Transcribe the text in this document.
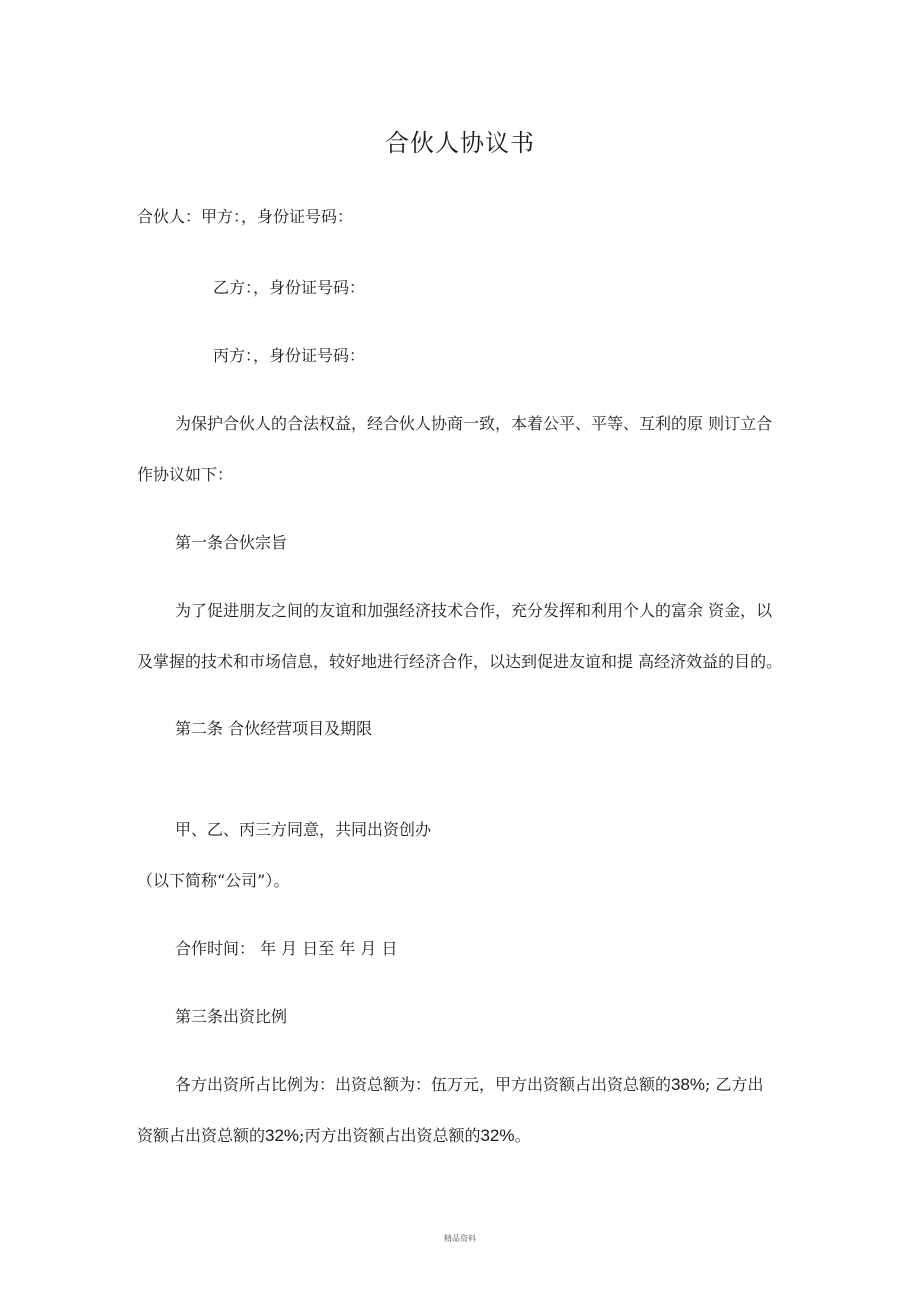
合伙人协议书
合伙人：甲方：，身份证号码：
乙方：，身份证号码：
丙方：，身份证号码：
为保护合伙人的合法权益，经合伙人协商一致，本着公平、平等、互利的原 则订立合
作协议如下：
第一条合伙宗旨
为了促进朋友之间的友谊和加强经济技术合作，充分发挥和利用个人的富余 资金，以
及掌握的技术和市场信息，较好地进行经济合作，以达到促进友谊和提 高经济效益的目的。
第二条 合伙经营项目及期限
甲、乙、丙三方同意，共同出资创办
（以下简称“公司”）。
合作时间： 年 月 日至 年 月 日
第三条出资比例
各方出资所占比例为：出资总额为：伍万元，甲方出资额占出资总额的38%; 乙方出
资额占出资总额的32%;丙方出资额占出资总额的32%。
精品资料
